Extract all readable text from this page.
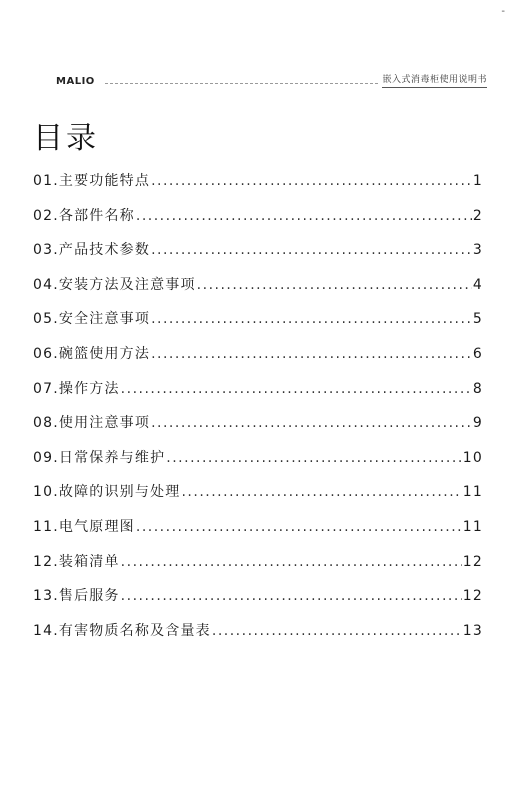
-
MALIO	嵌入式消毒柜使用说明书
目录
01.主要功能特点 .....	1
02.各部件名称 .....	2
03.产品技术参数 .....	3
04.安装方法及注意事项 .....	4
05.安全注意事项 .....	5
06.碗篮使用方法 .....	6
07.操作方法 .....	8
08.使用注意事项 .....	9
09.日常保养与维护 .....	10
10.故障的识别与处理 .....	11
11.电气原理图 .....	11
12.装箱清单 .....	12
13.售后服务 .....	12
14.有害物质名称及含量表 .....	13
